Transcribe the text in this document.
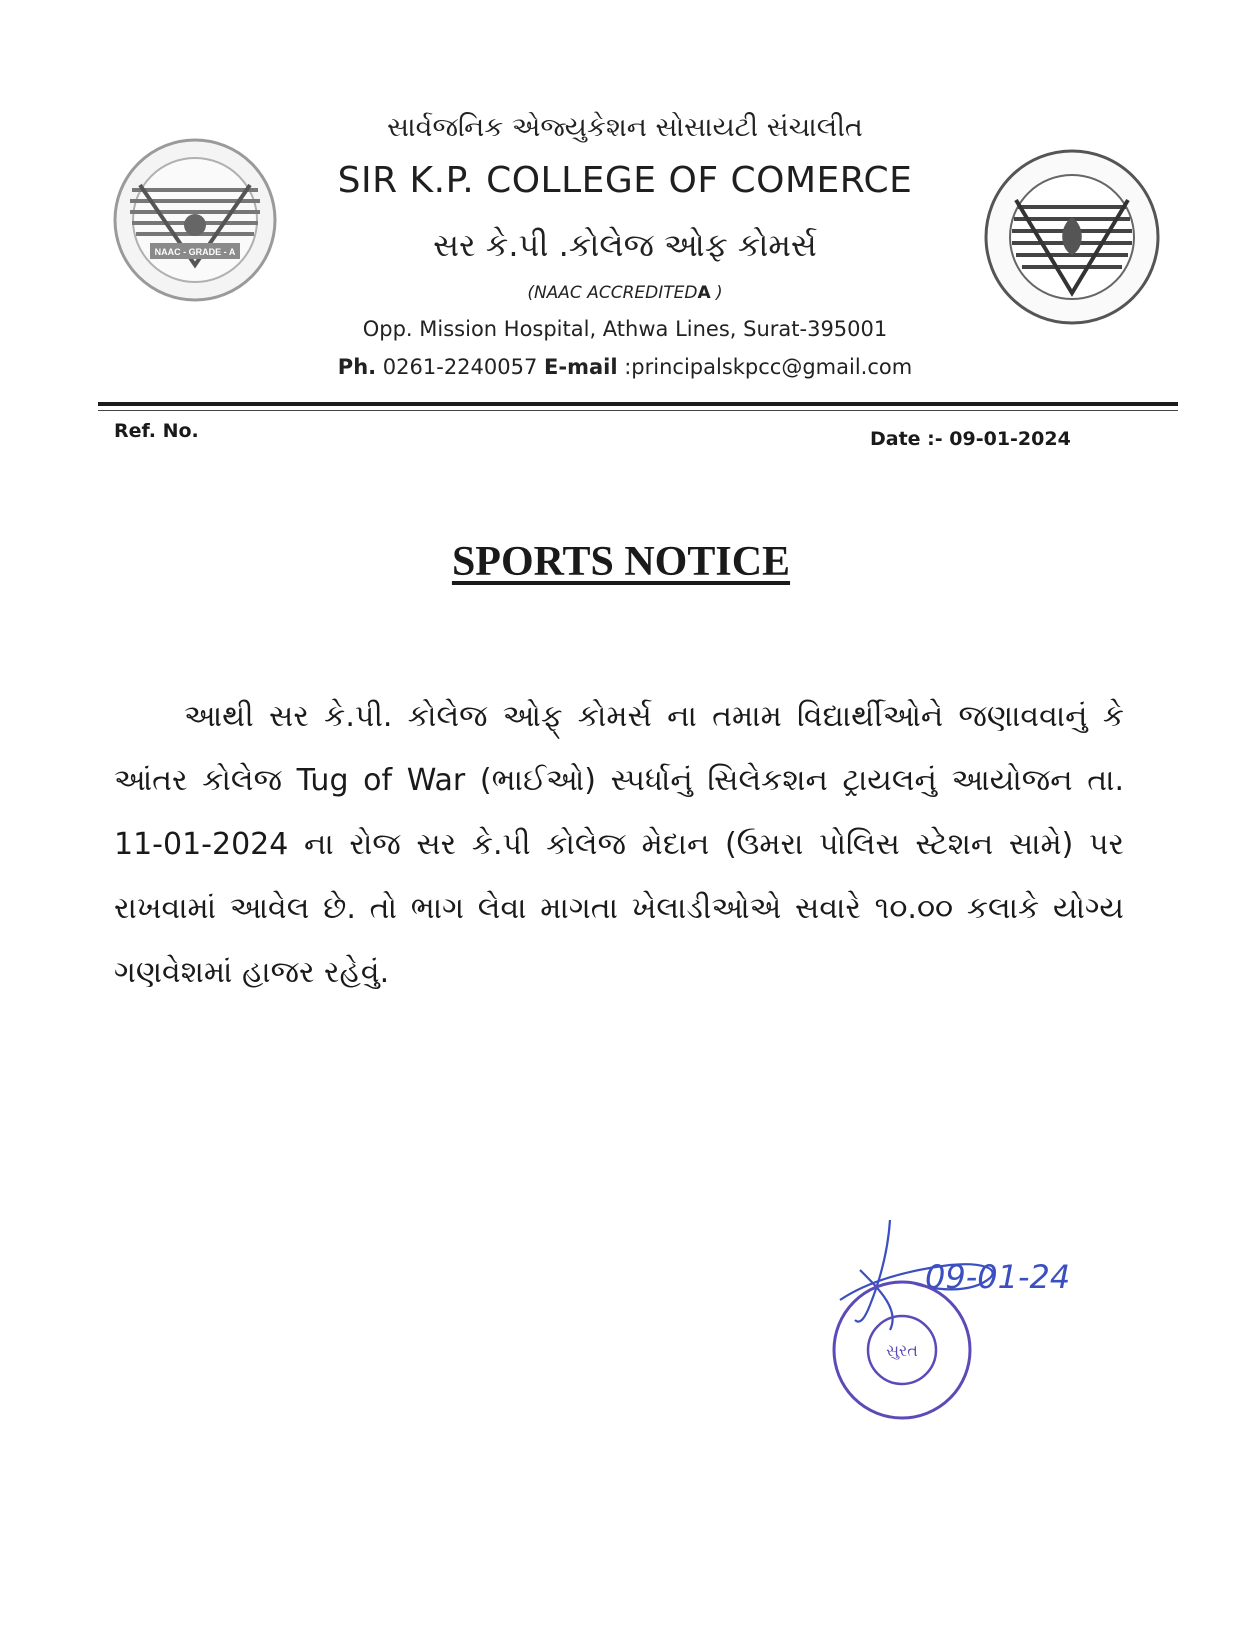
NAAC - GRADE - A
સાર્વજનિક એજ્યુકેશન સોસાયટી સંચાલીત
SIR K.P. COLLEGE OF COMERCE
સર કે.પી .કોલેજ ઓફ કોમર્સ
(NAAC ACCREDITEDA )
Opp. Mission Hospital, Athwa Lines, Surat-395001
Ph. 0261-2240057 E-mail :principalskpcc@gmail.com
Ref. No.	Date :- 09-01-2024
SPORTS NOTICE
આથી સર કે.પી. કોલેજ ઓફ્ કોમર્સ ના તમામ વિદ્યાર્થીઓને જણાવવાનું કે આંતર કોલેજ Tug of War (ભાઈઓ) સ્પર્ધાનું સિલેકશન ટ્રાયલનું આયોજન તા. 11-01-2024 ના રોજ સર કે.પી કોલેજ મેદાન (ઉમરા પોલિસ સ્ટેશન સામે) પર રાખવામાં આવેલ છે. તો ભાગ લેવા માગતા ખેલાડીઓએ સવારે ૧૦.૦૦ કલાકે યોગ્ય ગણવેશમાં હાજર રહેવું.
09-01-24
સુરત
